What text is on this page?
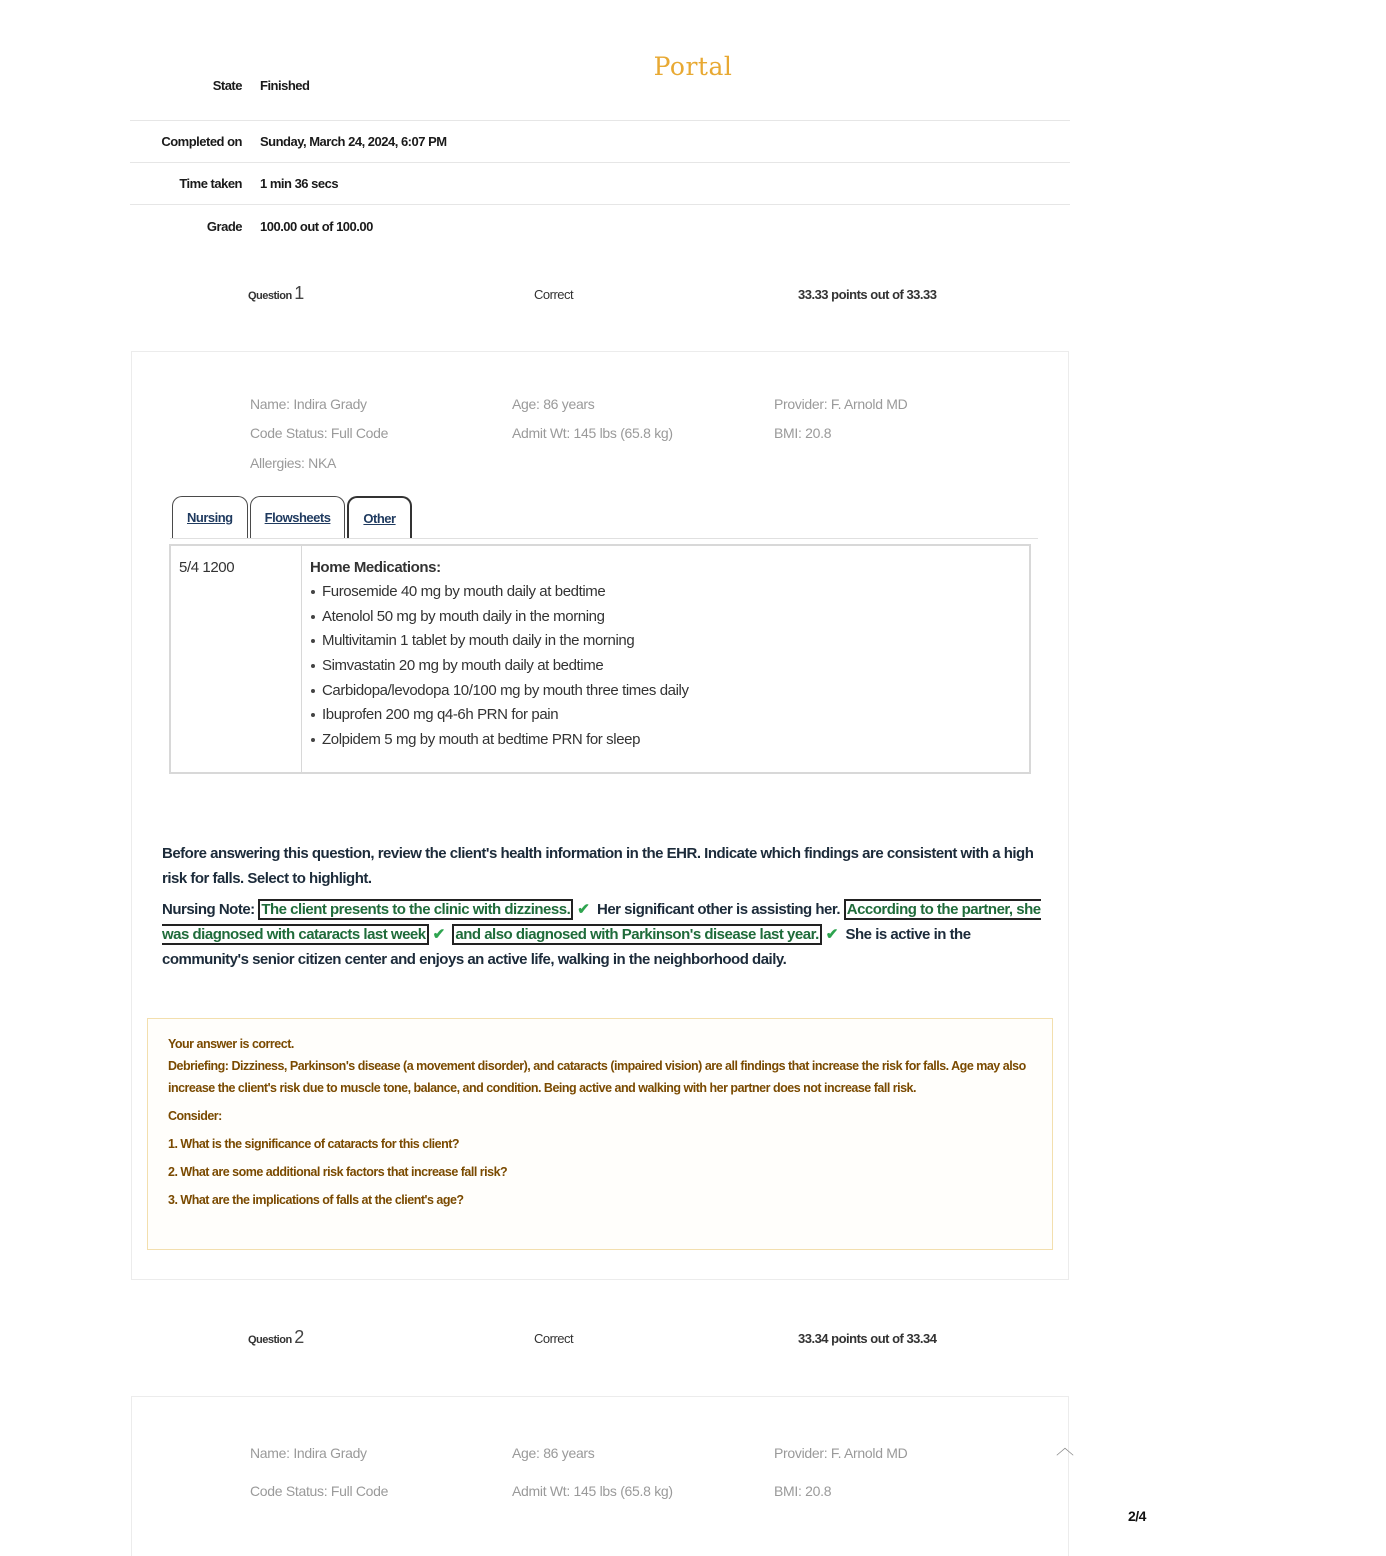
Portal
State	Finished
Completed on	Sunday, March 24, 2024, 6:07 PM
Time taken	1 min 36 secs
Grade	100.00 out of 100.00
Question 1	Correct	33.33 points out of 33.33
Name: Indira Grady	Age: 86 years	Provider: F. Arnold MD
Code Status: Full Code	Admit Wt: 145 lbs (65.8 kg)	BMI: 20.8
Allergies: NKA
Nursing	Flowsheets	Other
5/4 1200	Home Medications:
Furosemide 40 mg by mouth daily at bedtime
Atenolol 50 mg by mouth daily in the morning
Multivitamin 1 tablet by mouth daily in the morning
Simvastatin 20 mg by mouth daily at bedtime
Carbidopa/levodopa 10/100 mg by mouth three times daily
Ibuprofen 200 mg q4-6h PRN for pain
Zolpidem 5 mg by mouth at bedtime PRN for sleep
Before answering this question, review the client's health information in the EHR. Indicate which findings are consistent with a high risk for falls. Select to highlight.
Nursing Note: The client presents to the clinic with dizziness. ✔ Her significant other is assisting her. According to the partner, she was diagnosed with cataracts last week ✔ and also diagnosed with Parkinson's disease last year. ✔ She is active in the community's senior citizen center and enjoys an active life, walking in the neighborhood daily.

Your answer is correct.

Debriefing: Dizziness, Parkinson's disease (a movement disorder), and cataracts (impaired vision) are all findings that increase the risk for falls. Age may also increase the client's risk due to muscle tone, balance, and condition. Being active and walking with her partner does not increase fall risk.

Consider:

1. What is the significance of cataracts for this client?

2. What are some additional risk factors that increase fall risk?

3. What are the implications of falls at the client's age?

Question 2	Correct	33.34 points out of 33.34
Name: Indira Grady	Age: 86 years	Provider: F. Arnold MD
Code Status: Full Code	Admit Wt: 145 lbs (65.8 kg)	BMI: 20.8
︿
2/4
